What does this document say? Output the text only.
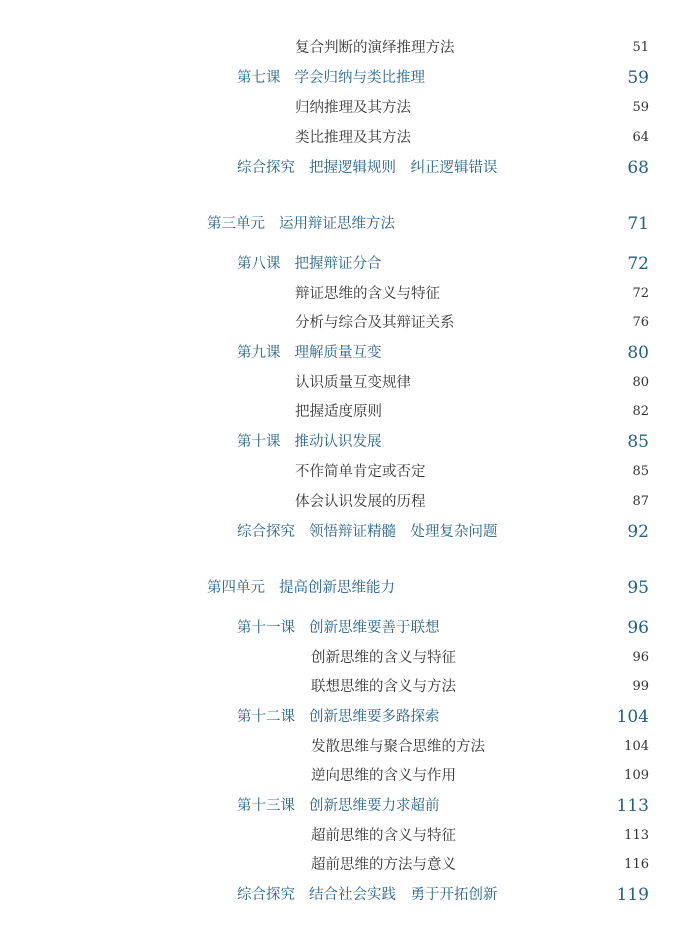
复合判断的演绎推理方法	51
第七课 学会归纳与类比推理	59
归纳推理及其方法	59
类比推理及其方法	64
综合探究 把握逻辑规则　纠正逻辑错误	68
第三单元 运用辩证思维方法	71
第八课 把握辩证分合	72
辩证思维的含义与特征	72
分析与综合及其辩证关系	76
第九课 理解质量互变	80
认识质量互变规律	80
把握适度原则	82
第十课 推动认识发展	85
不作简单肯定或否定	85
体会认识发展的历程	87
综合探究 领悟辩证精髓　处理复杂问题	92
第四单元 提高创新思维能力	95
第十一课 创新思维要善于联想	96
创新思维的含义与特征	96
联想思维的含义与方法	99
第十二课 创新思维要多路探索	104
发散思维与聚合思维的方法	104
逆向思维的含义与作用	109
第十三课 创新思维要力求超前	113
超前思维的含义与特征	113
超前思维的方法与意义	116
综合探究 结合社会实践　勇于开拓创新	119
